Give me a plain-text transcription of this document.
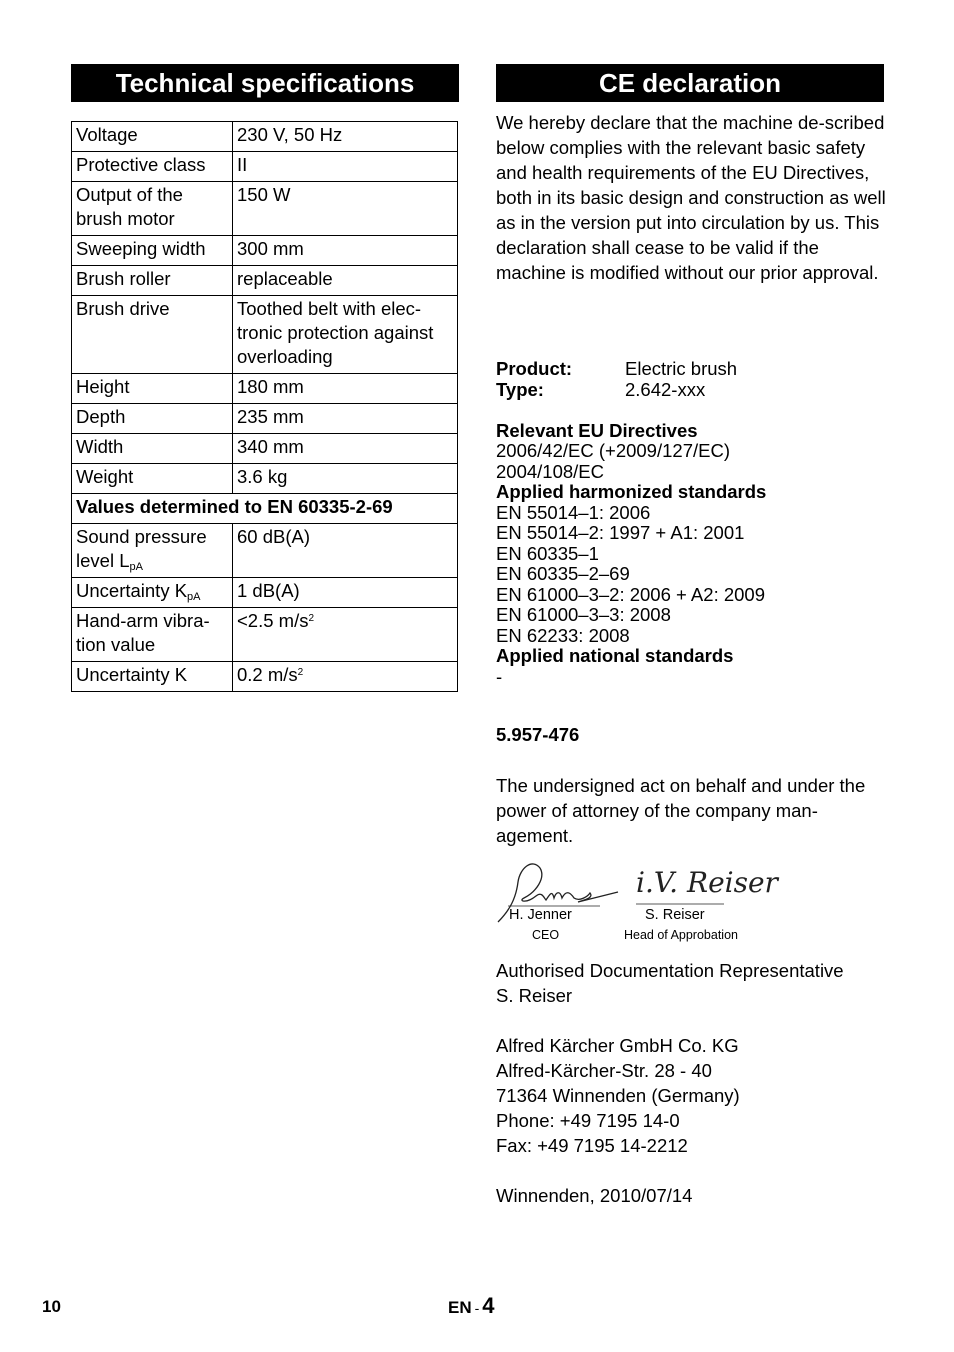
Technical specifications
Voltage	230 V, 50 Hz
Protective class	II
Output of the brush motor	150 W
Sweeping width	300 mm
Brush roller	replaceable
Brush drive	Toothed belt with elec-tronic protection against overloading
Height	180 mm
Depth	235 mm
Width	340 mm
Weight	3.6 kg
Values determined to EN 60335-2-69	
Sound pressure level $L_{pA}$	60 dB(A)
Uncertainty $K_{pA}$	1 dB(A)
Hand-arm vibra-tion value	<2.5 $m/s^2$
Uncertainty K	0.2 $m/s^2$
CE declaration
We hereby declare that the machine de-scribed below complies with the relevant basic safety and health requirements of the EU Directives, both in its basic design and construction as well as in the version put into circulation by us. This declaration shall cease to be valid if the machine is modified without our prior approval.
Product:	Electric brush
Type:	2.642-xxx
Relevant EU Directives
2006/42/EC (+2009/127/EC)
2004/108/EC
Applied harmonized standards
EN 55014–1: 2006
EN 55014–2: 1997 + A1: 2001
EN 60335–1
EN 60335–2–69
EN 61000–3–2: 2006 + A2: 2009
EN 61000–3–3: 2008
EN 62233: 2008
Applied national standards
-
5.957-476
The undersigned act on behalf and under the power of attorney of the company man-agement.
i.V. Reiser
H. Jenner
CEO
S. Reiser
Head of Approbation
Authorised Documentation Representative
S. Reiser
Alfred Kärcher GmbH Co. KG
Alfred-Kärcher-Str. 28 - 40
71364 Winnenden (Germany)
Phone: +49 7195 14-0
Fax: +49 7195 14-2212
Winnenden, 2010/07/14
10	EN - 4
